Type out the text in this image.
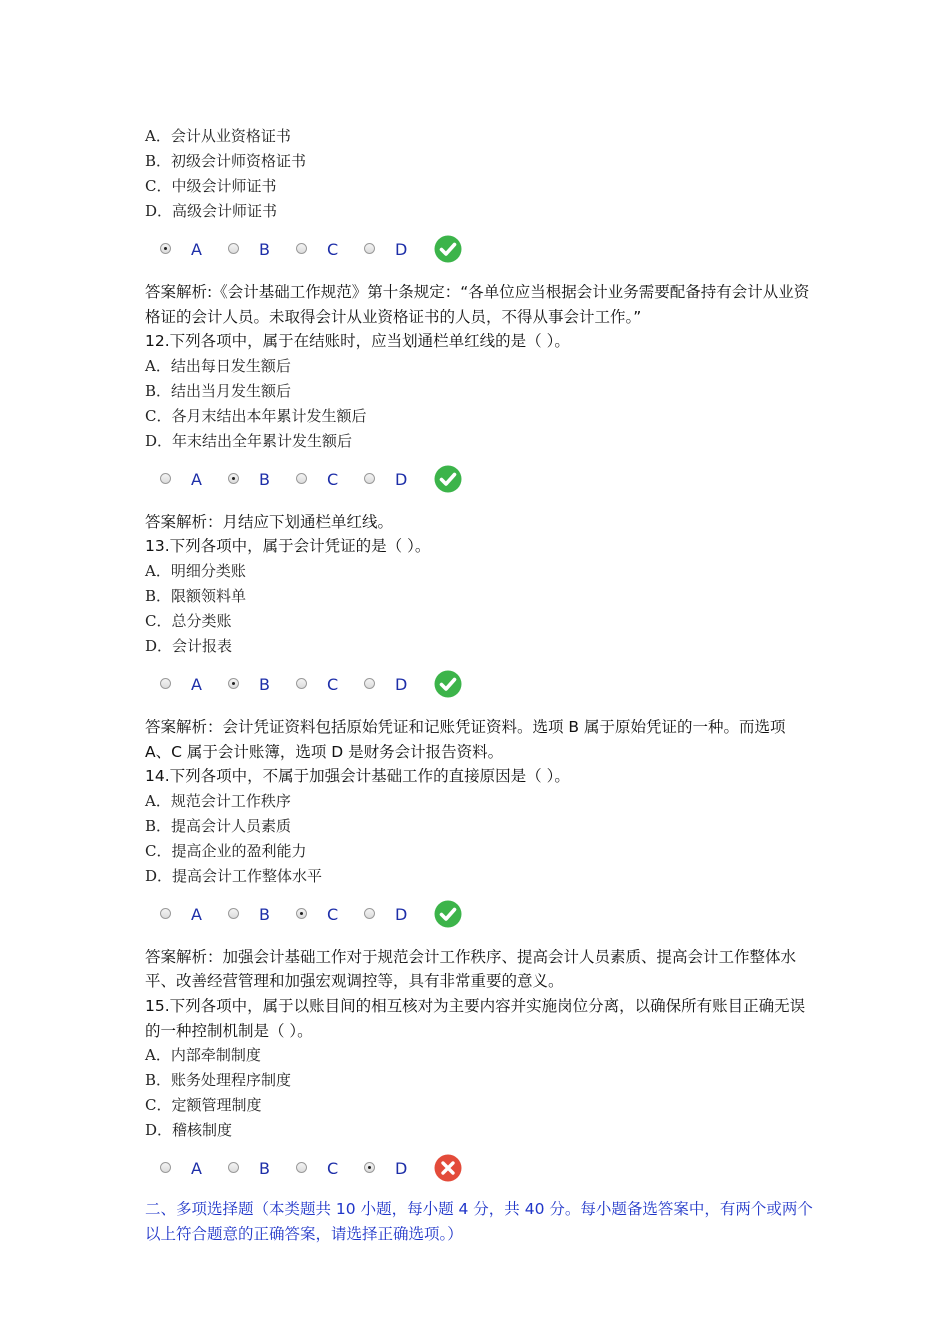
A．会计从业资格证书
B．初级会计师资格证书
C．中级会计师证书
D．高级会计师证书
A	B	C	D
答案解析:《会计基础工作规范》第十条规定：“各单位应当根据会计业务需要配备持有会计从业资格证的会计人员。未取得会计从业资格证书的人员，不得从事会计工作。”
12.下列各项中，属于在结账时，应当划通栏单红线的是（ ）。
A．结出每日发生额后
B．结出当月发生额后
C．各月末结出本年累计发生额后
D．年末结出全年累计发生额后
A	B	C	D
答案解析：月结应下划通栏单红线。
13.下列各项中，属于会计凭证的是（ ）。
A．明细分类账
B．限额领料单
C．总分类账
D．会计报表
A	B	C	D
答案解析：会计凭证资料包括原始凭证和记账凭证资料。选项 B 属于原始凭证的一种。而选项 A、C 属于会计账簿，选项 D 是财务会计报告资料。
14.下列各项中，不属于加强会计基础工作的直接原因是（ ）。
A．规范会计工作秩序
B．提高会计人员素质
C．提高企业的盈利能力
D．提高会计工作整体水平
A	B	C	D
答案解析：加强会计基础工作对于规范会计工作秩序、提高会计人员素质、提高会计工作整体水平、改善经营管理和加强宏观调控等，具有非常重要的意义。
15.下列各项中，属于以账目间的相互核对为主要内容并实施岗位分离，以确保所有账目正确无误的一种控制机制是（ ）。
A．内部牵制制度
B．账务处理程序制度
C．定额管理制度
D．稽核制度
A	B	C	D
二、多项选择题（本类题共 10 小题，每小题 4 分，共 40 分。每小题备选答案中，有两个或两个以上符合题意的正确答案，请选择正确选项。）
